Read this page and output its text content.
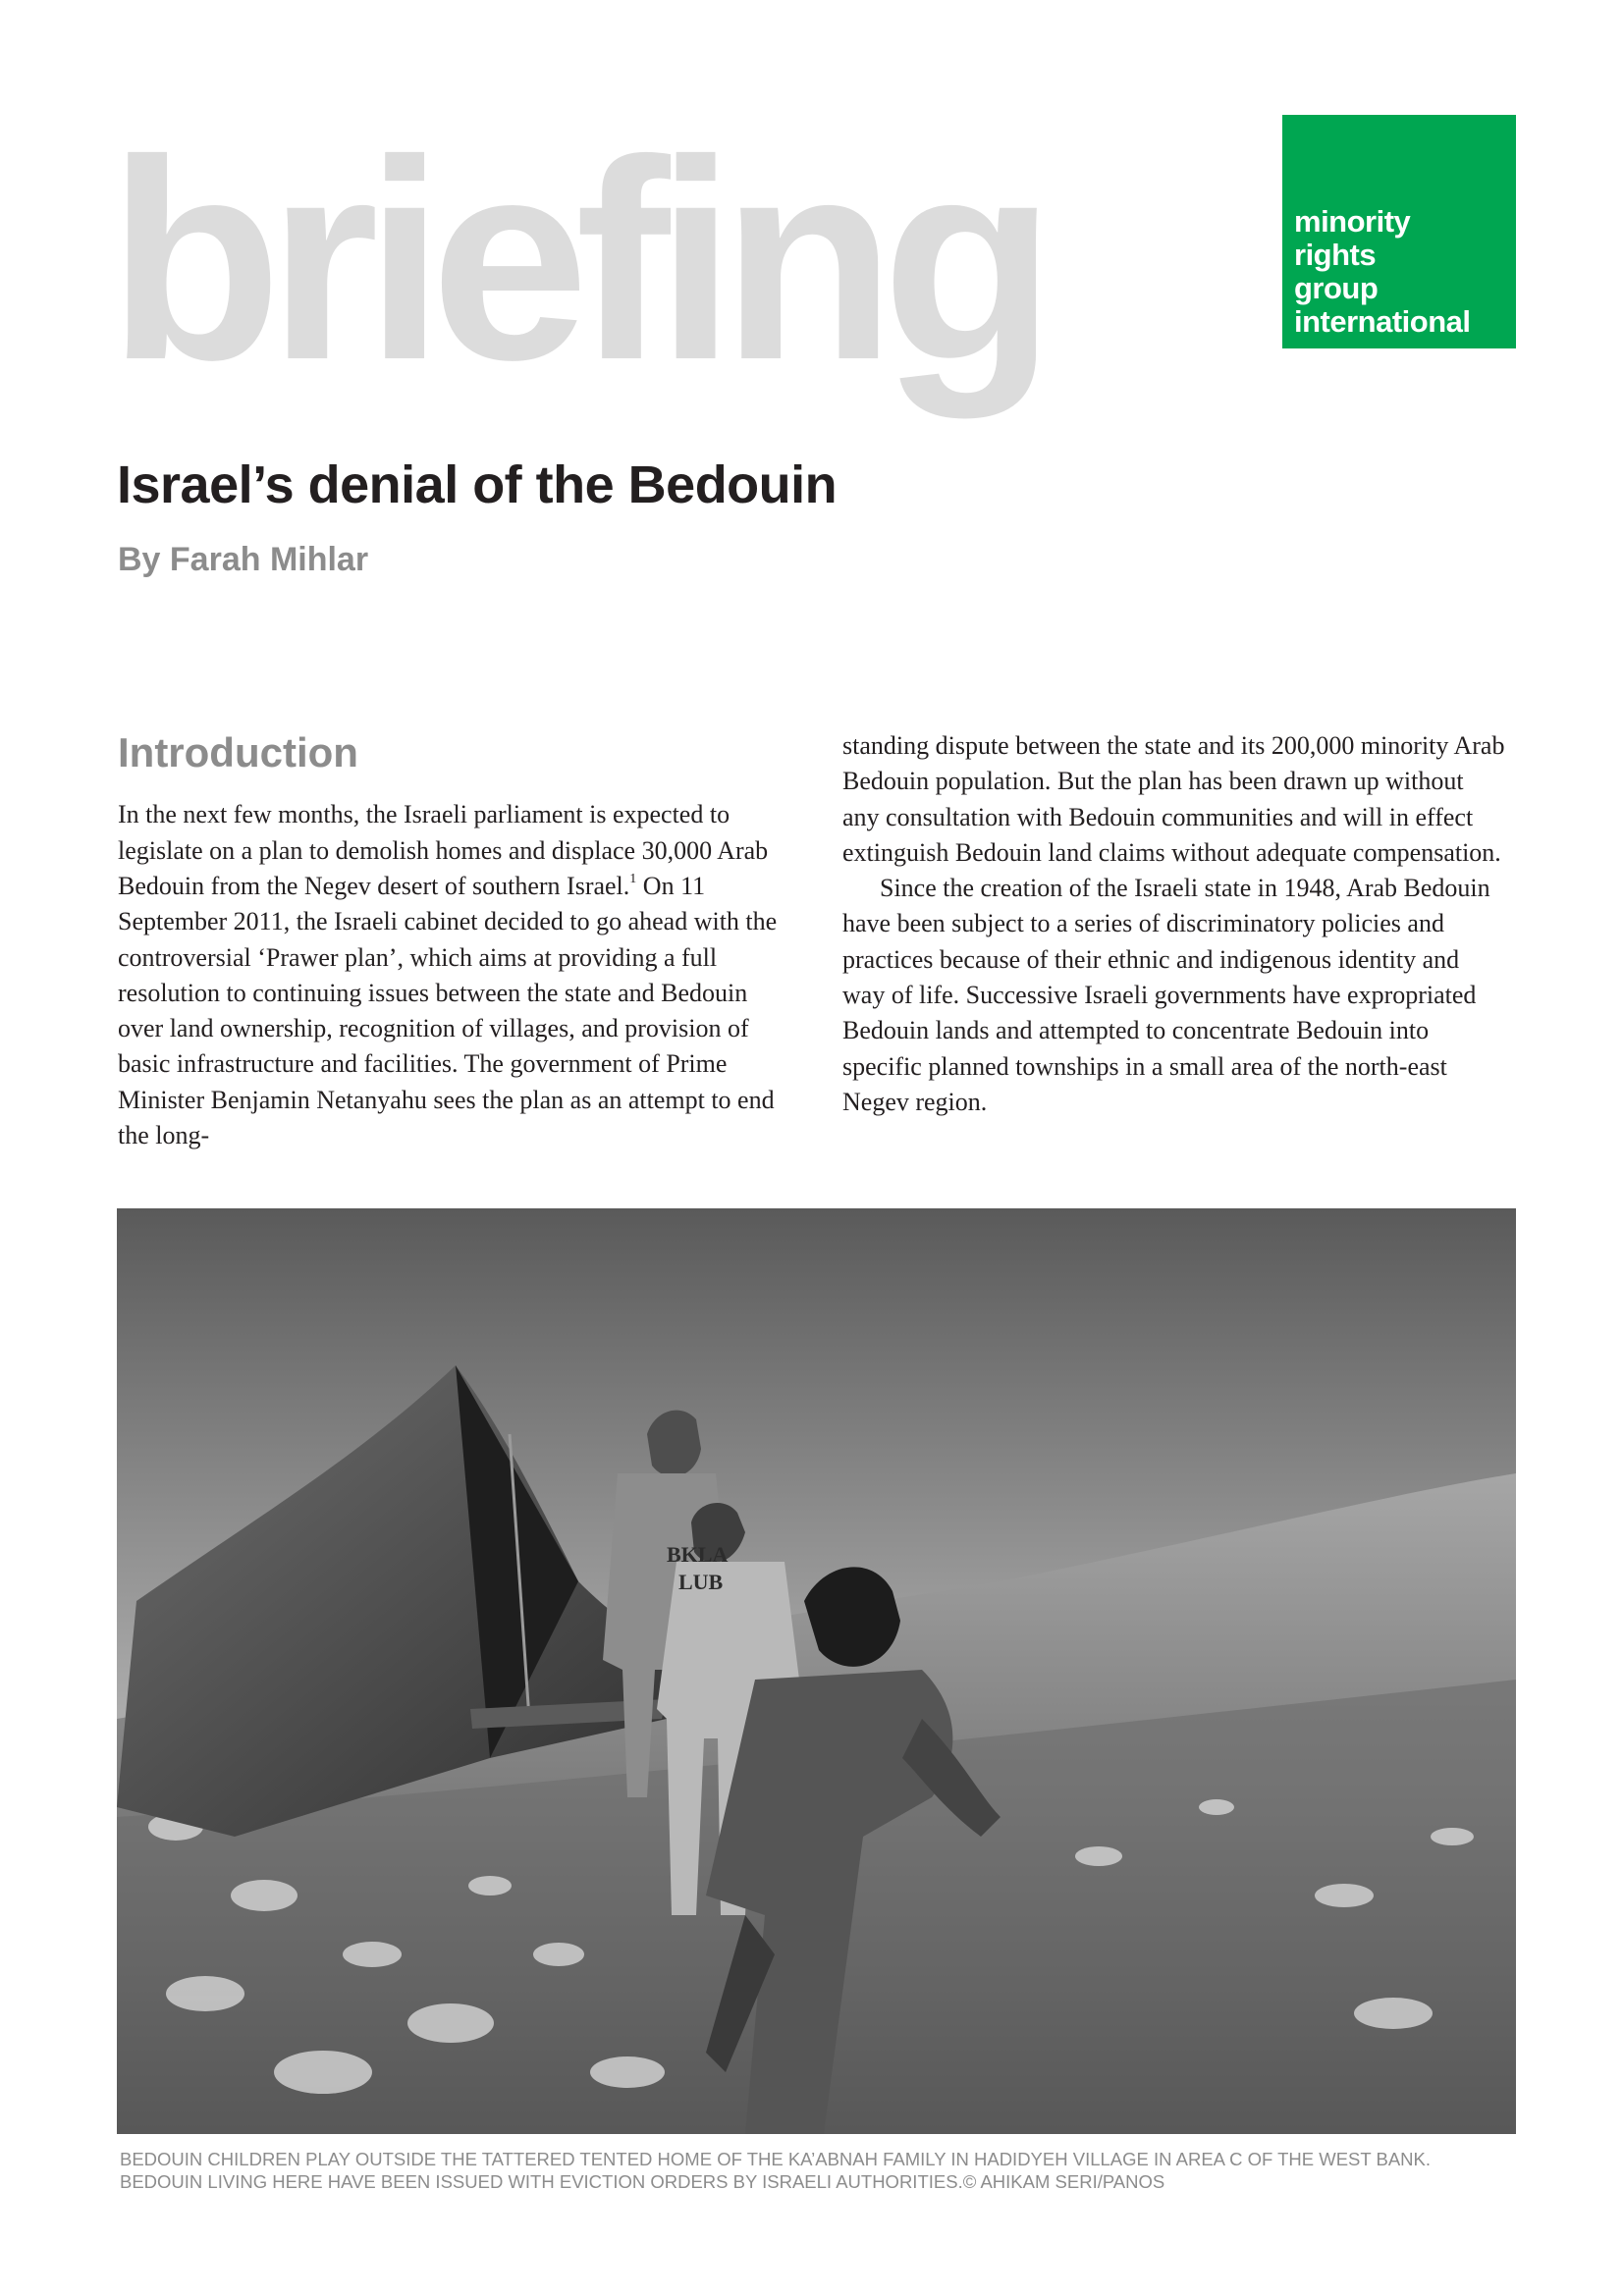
briefing	minority
rights
group
international
Israel’s denial of the Bedouin

By Farah Mihlar

Introduction

In the next few months, the Israeli parliament is expected to legislate on a plan to demolish homes and displace 30,000 Arab Bedouin from the Negev desert of southern Israel.$^1$ On 11 September 2011, the Israeli cabinet decided to go ahead with the controversial ‘Prawer plan’, which aims at providing a full resolution to continuing issues between the state and Bedouin over land ownership, recognition of villages, and provision of basic infrastructure and facilities. The government of Prime Minister Benjamin Netanyahu sees the plan as an attempt to end the long-

standing dispute between the state and its 200,000 minority Arab Bedouin population. But the plan has been drawn up without any consultation with Bedouin communities and will in effect extinguish Bedouin land claims without adequate compensation.

Since the creation of the Israeli state in 1948, Arab Bedouin have been subject to a series of discriminatory policies and practices because of their ethnic and indigenous identity and way of life. Successive Israeli governments have expropriated Bedouin lands and attempted to concentrate Bedouin into specific planned townships in a small area of the north-east Negev region.

BKLA
LUB

BEDOUIN CHILDREN PLAY OUTSIDE THE TATTERED TENTED HOME OF THE KA’ABNAH FAMILY IN HADIDYEH VILLAGE IN AREA C OF THE WEST BANK. BEDOUIN LIVING HERE HAVE BEEN ISSUED WITH EVICTION ORDERS BY ISRAELI AUTHORITIES.© AHIKAM SERI/PANOS
